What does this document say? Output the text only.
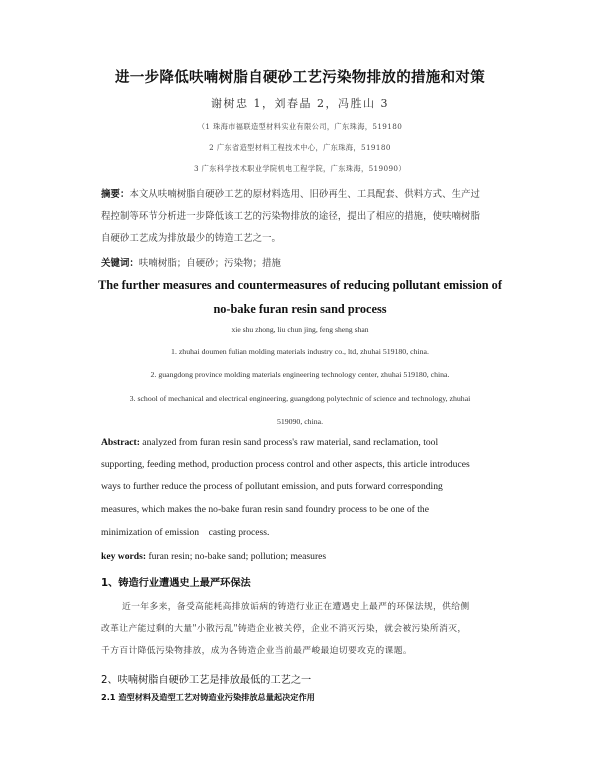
进一步降低呋喃树脂自硬砂工艺污染物排放的措施和对策
谢树忠 1，刘春晶 2，冯胜山 3
（1 珠海市福联造型材料实业有限公司，广东珠海，519180
2 广东省造型材料工程技术中心，广东珠海，519180
3 广东科学技术职业学院机电工程学院，广东珠海，519090）
摘要：本文从呋喃树脂自硬砂工艺的原材料选用、旧砂再生、工具配套、供料方式、生产过
程控制等环节分析进一步降低该工艺的污染物排放的途径，提出了相应的措施，使呋喃树脂
自硬砂工艺成为排放最少的铸造工艺之一。
关键词：呋喃树脂；自硬砂；污染物；措施
The further measures and countermeasures of reducing pollutant emission of
no-bake furan resin sand process
xie shu zhong, liu chun jing, feng sheng shan
1. zhuhai doumen fulian molding materials industry co., ltd, zhuhai 519180, china.
2. guangdong province molding materials engineering technology center, zhuhai 519180, china.
3. school of mechanical and electrical engineering, guangdong polytechnic of science and technology, zhuhai
519090, china.
Abstract: analyzed from furan resin sand process's raw material, sand reclamation, tool
supporting, feeding method, production process control and other aspects, this article introduces
ways to further reduce the process of pollutant emission, and puts forward corresponding
measures, which makes the no-bake furan resin sand foundry process to be one of the
minimization of emission    casting process.
key words: furan resin; no-bake sand; pollution; measures
1、铸造行业遭遇史上最严环保法
近一年多来，备受高能耗高排放诟病的铸造行业正在遭遇史上最严的环保法规，供给侧
改革让产能过剩的大量"小散污乱"铸造企业被关停，企业不消灭污染，就会被污染所消灭，
千方百计降低污染物排放，成为各铸造企业当前最严峻最迫切要攻克的课题。
2、呋喃树脂自硬砂工艺是排放最低的工艺之一
2.1 造型材料及造型工艺对铸造业污染排放总量起决定作用
